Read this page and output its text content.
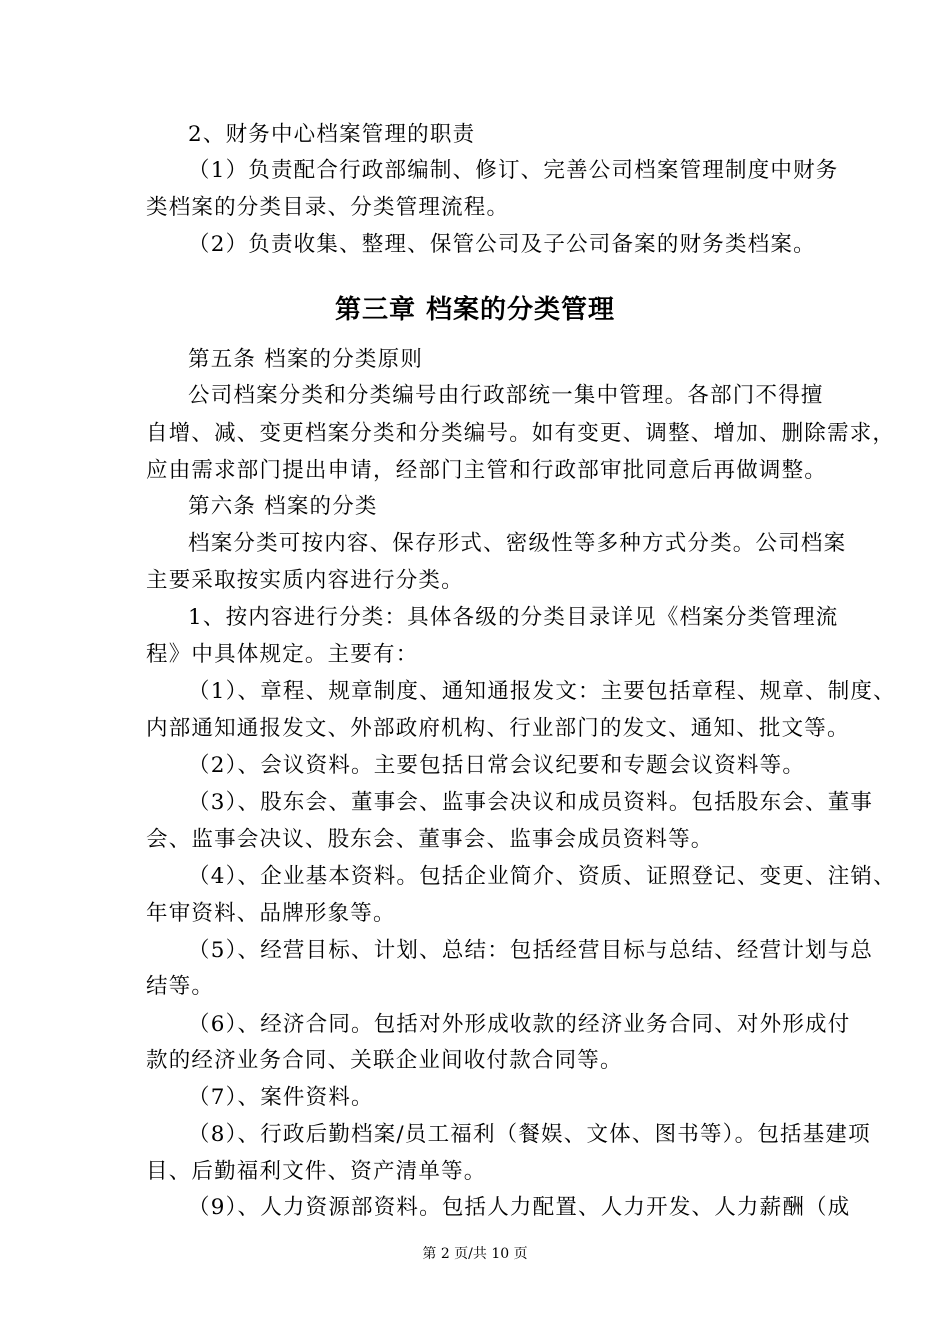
2、财务中心档案管理的职责
（1）负责配合行政部编制、修订、完善公司档案管理制度中财务
类档案的分类目录、分类管理流程。
（2）负责收集、整理、保管公司及子公司备案的财务类档案。
第三章 档案的分类管理
第五条 档案的分类原则
公司档案分类和分类编号由行政部统一集中管理。各部门不得擅
自增、减、变更档案分类和分类编号。如有变更、调整、增加、删除需求，
应由需求部门提出申请，经部门主管和行政部审批同意后再做调整。
第六条 档案的分类
档案分类可按内容、保存形式、密级性等多种方式分类。公司档案
主要采取按实质内容进行分类。
1、按内容进行分类：具体各级的分类目录详见《档案分类管理流
程》中具体规定。主要有：
（1）、章程、规章制度、通知通报发文：主要包括章程、规章、制度、
内部通知通报发文、外部政府机构、行业部门的发文、通知、批文等。
（2）、会议资料。主要包括日常会议纪要和专题会议资料等。
（3）、股东会、董事会、监事会决议和成员资料。包括股东会、董事
会、监事会决议、股东会、董事会、监事会成员资料等。
（4）、企业基本资料。包括企业简介、资质、证照登记、变更、注销、
年审资料、品牌形象等。
（5）、经营目标、计划、总结：包括经营目标与总结、经营计划与总
结等。
（6）、经济合同。包括对外形成收款的经济业务合同、对外形成付
款的经济业务合同、关联企业间收付款合同等。
（7）、案件资料。
（8）、行政后勤档案/员工福利（餐娱、文体、图书等）。包括基建项
目、后勤福利文件、资产清单等。
（9）、人力资源部资料。包括人力配置、人力开发、人力薪酬（成
第 2 页/共 10 页
